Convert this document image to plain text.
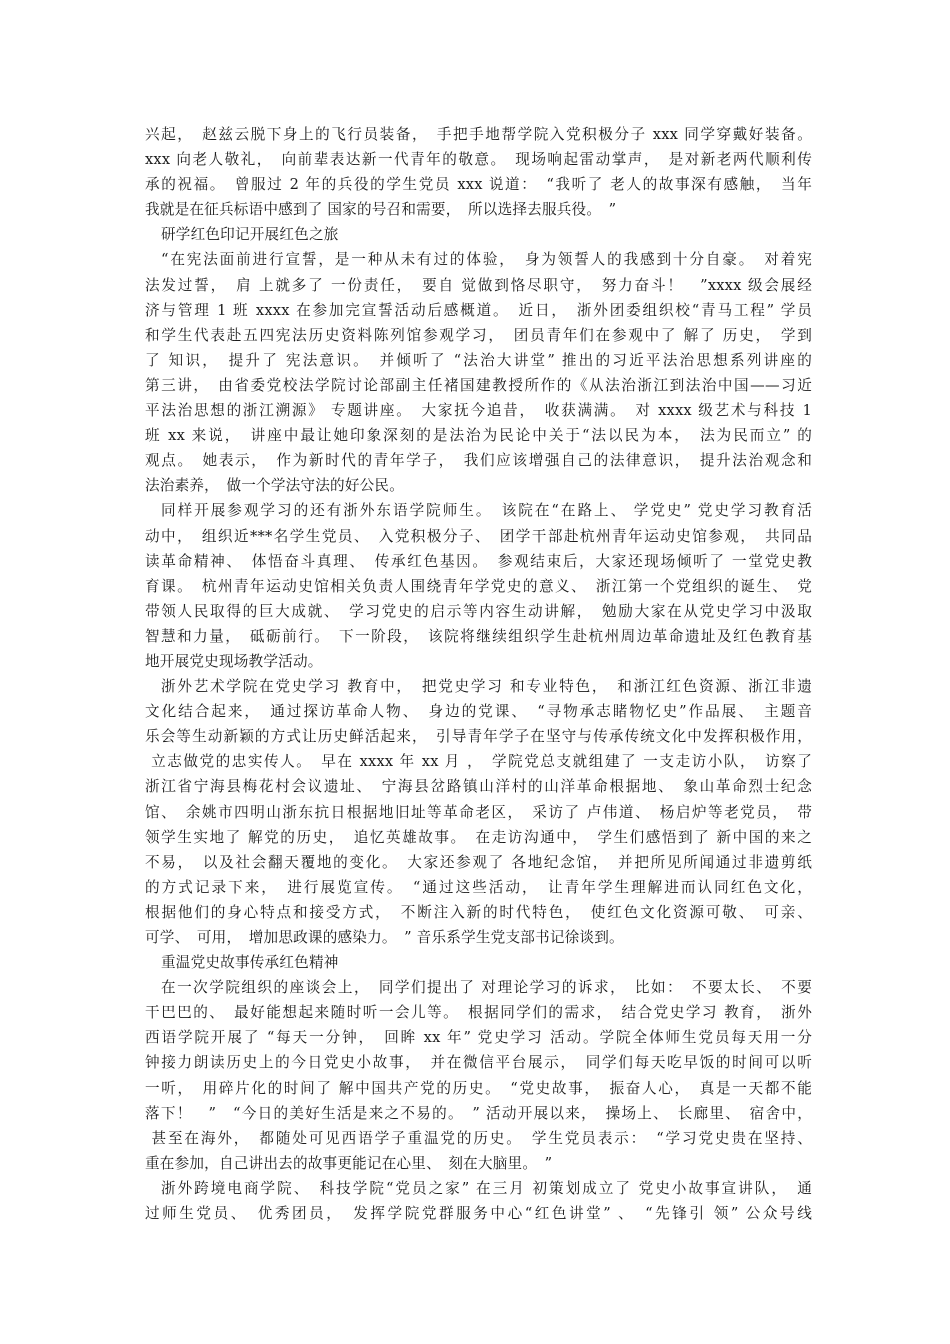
兴起，　赵兹云脱下身上的飞行员装备，　手把手地帮学院入党积极分子 xxx 同学穿戴好装备。
xxx 向老人敬礼，　向前辈表达新一代青年的敬意。　现场响起雷动掌声，　是对新老两代顺利传
承的祝福。　曾服过 2 年的兵役的学生党员 xxx 说道：　“我听了 老人的故事深有感触，　当年
我就是在征兵标语中感到了 国家的号召和需要，　所以选择去服兵役。　”
研学红色印记开展红色之旅
“在宪法面前进行宣誓，是一种从未有过的体验，　身为领誓人的我感到十分自豪。　对着宪
法发过誓，　肩 上就多了 一份责任，　要自 觉做到恪尽职守，　努力奋斗！　”xxxx 级会展经
济与管理 1 班 xxxx 在参加完宣誓活动后感概道。　近日，　浙外团委组织校“青马工程” 学员
和学生代表赴五四宪法历史资料陈列馆参观学习，　团员青年们在参观中了 解了 历史，　学到
了 知识，　提升了 宪法意识。　并倾听了 “法治大讲堂” 推出的习近平法治思想系列讲座的
第三讲，　由省委党校法学院讨论部副主任褚国建教授所作的《从法治浙江到法治中国——习近
平法治思想的浙江溯源》 专题讲座。　大家抚今追昔，　收获满满。　对 xxxx 级艺术与科技 1
班 xx 来说，　讲座中最让她印象深刻的是法治为民论中关于“法以民为本，　法为民而立” 的
观点。　她表示，　作为新时代的青年学子，　我们应该增强自己的法律意识，　提升法治观念和
法治素养，　做一个学法守法的好公民。
同样开展参观学习的还有浙外东语学院师生。　该院在“在路上、 学党史” 党史学习教育活
动中，　组织近***名学生党员、　入党积极分子、　团学干部赴杭州青年运动史馆参观，　共同品
读革命精神、　体悟奋斗真理、　传承红色基因。　参观结束后，大家还现场倾听了 一堂党史教
育课。　杭州青年运动史馆相关负责人围绕青年学党史的意义、　浙江第一个党组织的诞生、　党
带领人民取得的巨大成就、　学习党史的启示等内容生动讲解，　勉励大家在从党史学习中汲取
智慧和力量，　砥砺前行。　下一阶段，　该院将继续组织学生赴杭州周边革命遗址及红色教育基
地开展党史现场教学活动。
浙外艺术学院在党史学习 教育中，　把党史学习 和专业特色，　和浙江红色资源、浙江非遗
文化结合起来，　通过探访革命人物、　身边的党课、　“寻物承志睹物忆史”作品展、　主题音
乐会等生动新颖的方式让历史鲜活起来，　引导青年学子在坚守与传承传统文化中发挥积极作用，
立志做党的忠实传人。　早在 xxxx 年 xx 月 ，　学院党总支就组建了 一支走访小队，　访察了
浙江省宁海县梅花村会议遗址、　宁海县岔路镇山洋村的山洋革命根据地、　象山革命烈士纪念
馆、　余姚市四明山浙东抗日根据地旧址等革命老区，　采访了 卢伟道、　杨启炉等老党员，　带
领学生实地了 解党的历史，　追忆英雄故事。　在走访沟通中，　学生们感悟到了 新中国的来之
不易，　以及社会翻天覆地的变化。　大家还参观了 各地纪念馆，　并把所见所闻通过非遗剪纸
的方式记录下来，　进行展览宣传。　“通过这些活动，　让青年学生理解进而认同红色文化，
根据他们的身心特点和接受方式，　不断注入新的时代特色，　使红色文化资源可敬、　可亲、
可学、　可用，　增加思政课的感染力。　” 音乐系学生党支部书记徐谈到。
重温党史故事传承红色精神
在一次学院组织的座谈会上，　同学们提出了 对理论学习的诉求，　比如：　不要太长、　不要
干巴巴的、　最好能想起来随时听一会儿等。　根据同学们的需求，　结合党史学习 教育，　浙外
西语学院开展了 “每天一分钟，　回眸 xx 年” 党史学习 活动。学院全体师生党员每天用一分
钟接力朗读历史上的今日党史小故事，　并在微信平台展示，　同学们每天吃早饭的时间可以听
一听，　用碎片化的时间了 解中国共产党的历史。　“党史故事，　振奋人心，　真是一天都不能
落下！　”　“今日的美好生活是来之不易的。　” 活动开展以来，　操场上、　长廊里、　宿舍中，
甚至在海外，　都随处可见西语学子重温党的历史。　学生党员表示：　“学习党史贵在坚持、
重在参加，自己讲出去的故事更能记在心里、　刻在大脑里。　”
浙外跨境电商学院、　科技学院“党员之家” 在三月 初策划成立了 党史小故事宣讲队，　通
过师生党员、　优秀团员，　发挥学院党群服务中心“红色讲堂” 、　“先锋引 领” 公众号线
